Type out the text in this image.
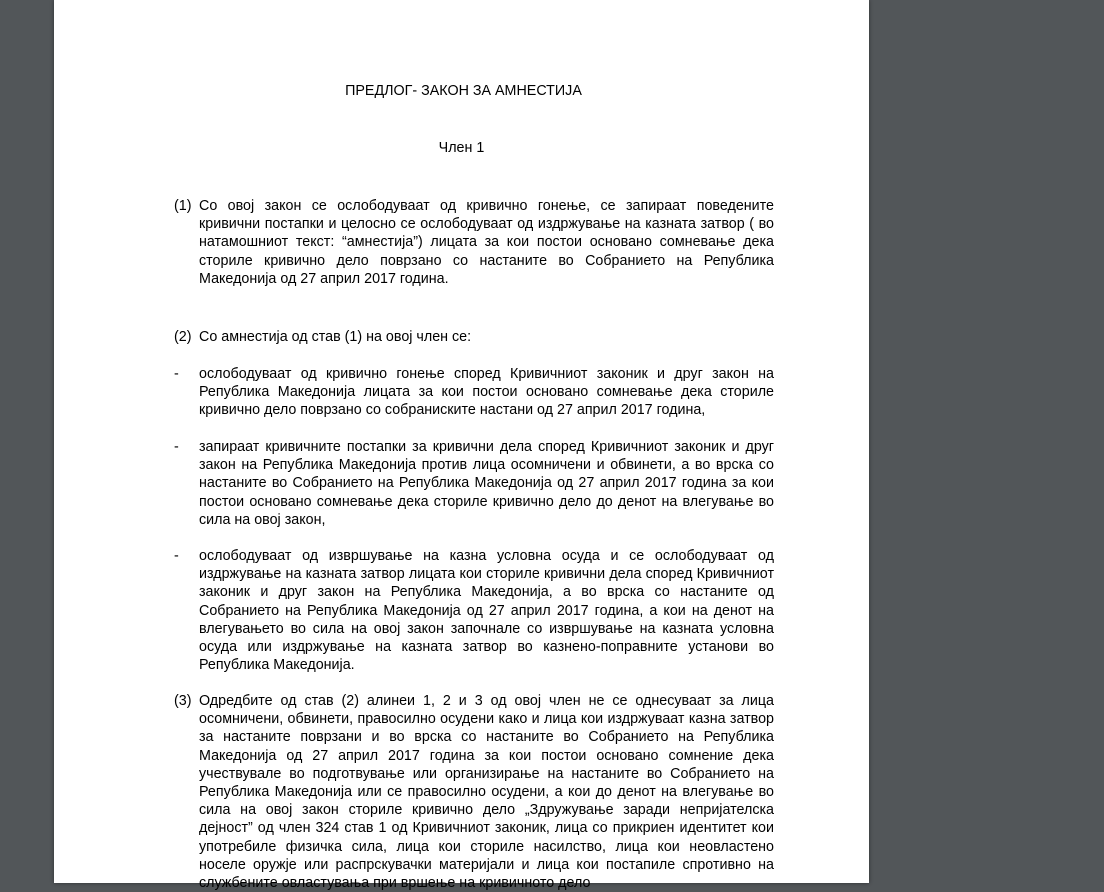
ПРЕДЛОГ- ЗАКОН ЗА АМНЕСТИЈА
Член 1
(1) Со овој закон се ослободуваат од кривично гонење, се запираат поведените кривични постапки и целосно се ослободуваат од издржување на казната затвор ( во натамошниот текст: “амнестија”) лицата за кои постои основано сомневање дека сториле кривично дело поврзано со настаните во Собранието на Република Македонија од 27 април 2017 година.
(2) Со амнестија од став (1) на овој член се:
- ослободуваат од кривично гонење според Кривичниот законик и друг закон на Република Македонија лицата за кои постои основано сомневање дека сториле кривично дело поврзано со собраниските настани од 27 април 2017 година,
- запираат кривичните постапки за кривични дела според Кривичниот законик и друг закон на Република Македонија против лица осомничени и обвинети, а во врска со настаните во Собранието на Република Македонија од 27 април 2017 година за кои постои основано сомневање дека сториле кривично дело до денот на влегување во сила на овој закон,
- ослободуваат од извршување на казна условна осуда и се ослободуваат од издржување на казната затвор лицата кои сториле кривични дела според Кривичниот законик и друг закон на Република Македонија, а во врска со настаните од Собранието на Република Македонија од 27 април 2017 година, а кои на денот на влегувањето во сила на овој закон започнале со извршување на казната условна осуда или издржување на казната затвор во казнено-поправните установи во Република Македонија.
(3) Одредбите од став (2) алинеи 1, 2 и 3 од овој член не се однесуваат за лица осомничени, обвинети, правосилно осудени како и лица кои издржуваат казна затвор за настаните поврзани и во врска со настаните во Собранието на Република Македонија од 27 април 2017 година за кои постои основано сомнение дека учествувале во подготвување или организирање на настаните во Собранието на Република Македонија или се правосилно осудени, а кои до денот на влегување во сила на овој закон сториле кривично дело „Здружување заради непријателска дејност” од член 324 став 1 од Кривичниот законик, лица со прикриен идентитет кои употребиле физичка сила, лица кои сториле насилство, лица кои неовластено носеле оружје или распрскувачки материјали и лица кои постапиле спротивно на службените овластувања при вршење на кривичното дело
